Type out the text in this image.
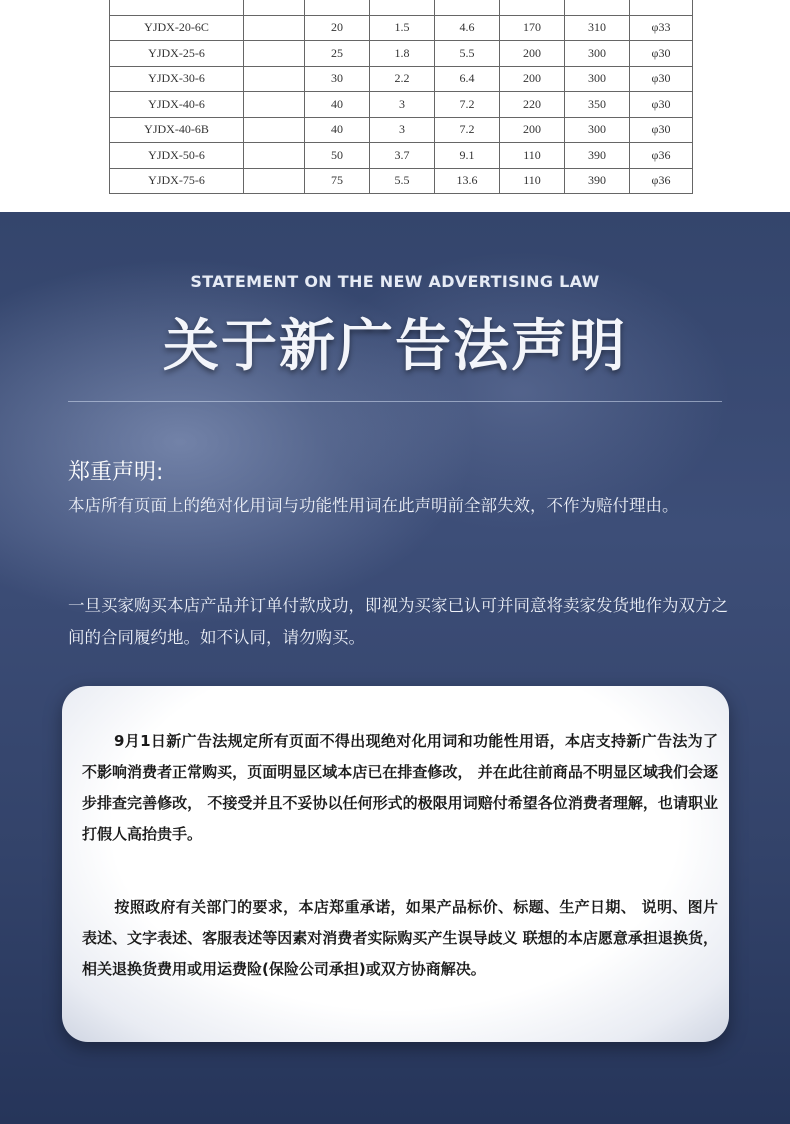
YJDX-20-6C		20	1.5	4.6	170	310	φ33
YJDX-25-6		25	1.8	5.5	200	300	φ30
YJDX-30-6		30	2.2	6.4	200	300	φ30
YJDX-40-6		40	3	7.2	220	350	φ30
YJDX-40-6B		40	3	7.2	200	300	φ30
YJDX-50-6		50	3.7	9.1	110	390	φ36
YJDX-75-6		75	5.5	13.6	110	390	φ36
STATEMENT ON THE NEW ADVERTISING LAW
关于新广告法声明
郑重声明:
本店所有页面上的绝对化用词与功能性用词在此声明前全部失效，不作为赔付理由。
一旦买家购买本店产品并订单付款成功，即视为买家已认可并同意将卖家发货地作为双方之间的合同履约地。如不认同，请勿购买。
9月1日新广告法规定所有页面不得出现绝对化用词和功能性用语，本店支持新广告法为了不影响消费者正常购买，页面明显区域本店已在排查修改， 并在此往前商品不明显区域我们会逐步排查完善修改， 不接受并且不妥协以任何形式的极限用词赔付希望各位消费者理解，也请职业打假人高抬贵手。
按照政府有关部门的要求，本店郑重承诺，如果产品标价、标题、生产日期、 说明、图片表述、文字表述、客服表述等因素对消费者实际购买产生误导歧义 联想的本店愿意承担退换货，相关退换货费用或用运费险(保险公司承担)或双方协商解决。
